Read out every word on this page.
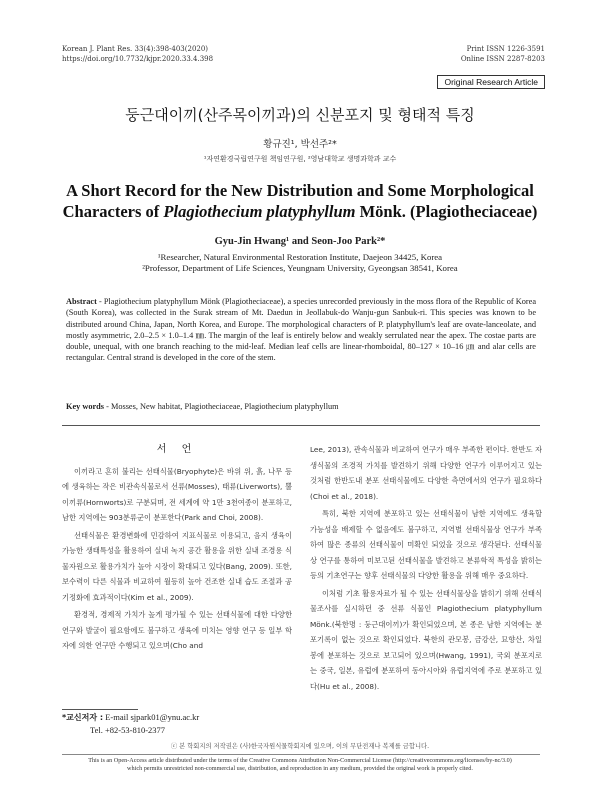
Korean J. Plant Res. 33(4):398-403(2020)
https://doi.org/10.7732/kjpr.2020.33.4.398
Print ISSN 1226-3591
Online ISSN 2287-8203
Original Research Article
둥근대이끼(산주목이끼과)의 신분포지 및 형태적 특징
황규진¹, 박선주²*
¹자연환경국립연구원 책임연구원, ²영남대학교 생명과학과 교수
A Short Record for the New Distribution and Some Morphological
Characters of Plagiothecium platyphyllum Mönk. (Plagiotheciaceae)
Gyu-Jin Hwang¹ and Seon-Joo Park²*
¹Researcher, Natural Environmental Restoration Institute, Daejeon 34425, Korea
²Professor, Department of Life Sciences, Yeungnam University, Gyeongsan 38541, Korea
Abstract - Plagiothecium platyphyllum Mönk (Plagiotheciaceae), a species unrecorded previously in the moss flora of the Republic of Korea (South Korea), was collected in the Surak stream of Mt. Daedun in Jeollabuk-do Wanju-gun Sanbuk-ri. This species was known to be distributed around China, Japan, North Korea, and Europe. The morphological characters of P. platyphyllum's leaf are ovate-lanceolate, and mostly asymmetric, 2.0–2.5 × 1.0–1.4 ㎜. The margin of the leaf is entirely below and weakly serrulated near the apex. The costae parts are double, unequal, with one branch reaching to the mid-leaf. Median leaf cells are linear-rhomboidal, 80–127 × 10–16 ㎛ and alar cells are rectangular. Central strand is developed in the core of the stem.
Key words - Mosses, New habitat, Plagiotheciaceae, Plagiothecium platyphyllum
서 언

이끼라고 흔히 불리는 선태식물(Bryophyte)은 바위 위, 흙, 나무 등에 생육하는 작은 비관속식물로서 선류(Mosses), 태류(Liverworts), 뿔이끼류(Hornworts)로 구분되며, 전 세계에 약 1만 3천여종이 분포하고, 남한 지역에는 903분류군이 분포한다(Park and Choi, 2008).

선태식물은 환경변화에 민감하여 지표식물로 이용되고, 음지 생육이 가능한 생태특성을 활용하여 실내 녹지 공간 활용을 위한 실내 조경용 식물자원으로 활용가치가 높아 시장이 확대되고 있다(Bang, 2009). 또한, 보수력이 다른 식물과 비교하여 월등히 높아 건조한 실내 습도 조절과 공기정화에 효과적이다(Kim et al., 2009).

환경적, 경제적 가치가 높게 평가될 수 있는 선태식물에 대한 다양한 연구와 발굴이 필요함에도 불구하고 생육에 미치는 영향 연구 등 일부 학자에 의한 연구만 수행되고 있으며(Cho and

Lee, 2013), 관속식물과 비교하여 연구가 매우 부족한 편이다. 한반도 자생식물의 조경적 가치를 발견하기 위해 다양한 연구가 이루어지고 있는 것처럼 한반도내 분포 선태식물에도 다양한 측면에서의 연구가 필요하다(Choi et al., 2018).

특히, 북한 지역에 분포하고 있는 선태식물이 남한 지역에도 생육할 가능성을 배제할 수 없음에도 불구하고, 지역별 선태식물상 연구가 부족하여 많은 종류의 선태식물이 미확인 되었을 것으로 생각된다. 선태식물상 연구를 통하여 미보고된 선태식물을 발견하고 분류학적 특성을 밝히는 등의 기초연구는 향후 선태식물의 다양한 활용을 위해 매우 중요하다.

이처럼 기초 활용자료가 될 수 있는 선태식물상을 밝히기 위해 선태식물조사를 실시하던 중 선류 식물인 Plagiothecium platyphyllum Mönk.(북한명 : 둥근대이끼)가 확인되었으며, 본 종은 남한 지역에는 분포기록이 없는 것으로 확인되었다. 북한의 관모봉, 금강산, 묘향산, 차일봉에 분포하는 것으로 보고되어 있으며(Hwang, 1991), 국외 분포지로는 중국, 일본, 유럽에 분포하여 동아시아와 유럽지역에 주로 분포하고 있다(Hu et al., 2008).

*교신저자 : E-mail sjpark01@ynu.ac.kr
Tel. +82-53-810-2377
ⓒ 본 학회지의 저작권은 (사)한국자원식물학회지에 있으며, 이의 무단전재나 복제를 금합니다.
This is an Open-Access article distributed under the terms of the Creative Commons Attribution Non-Commercial License (http://creativecommons.org/licenses/by-nc/3.0)
which permits unrestricted non-commercial use, distribution, and reproduction in any medium, provided the original work is properly cited.
